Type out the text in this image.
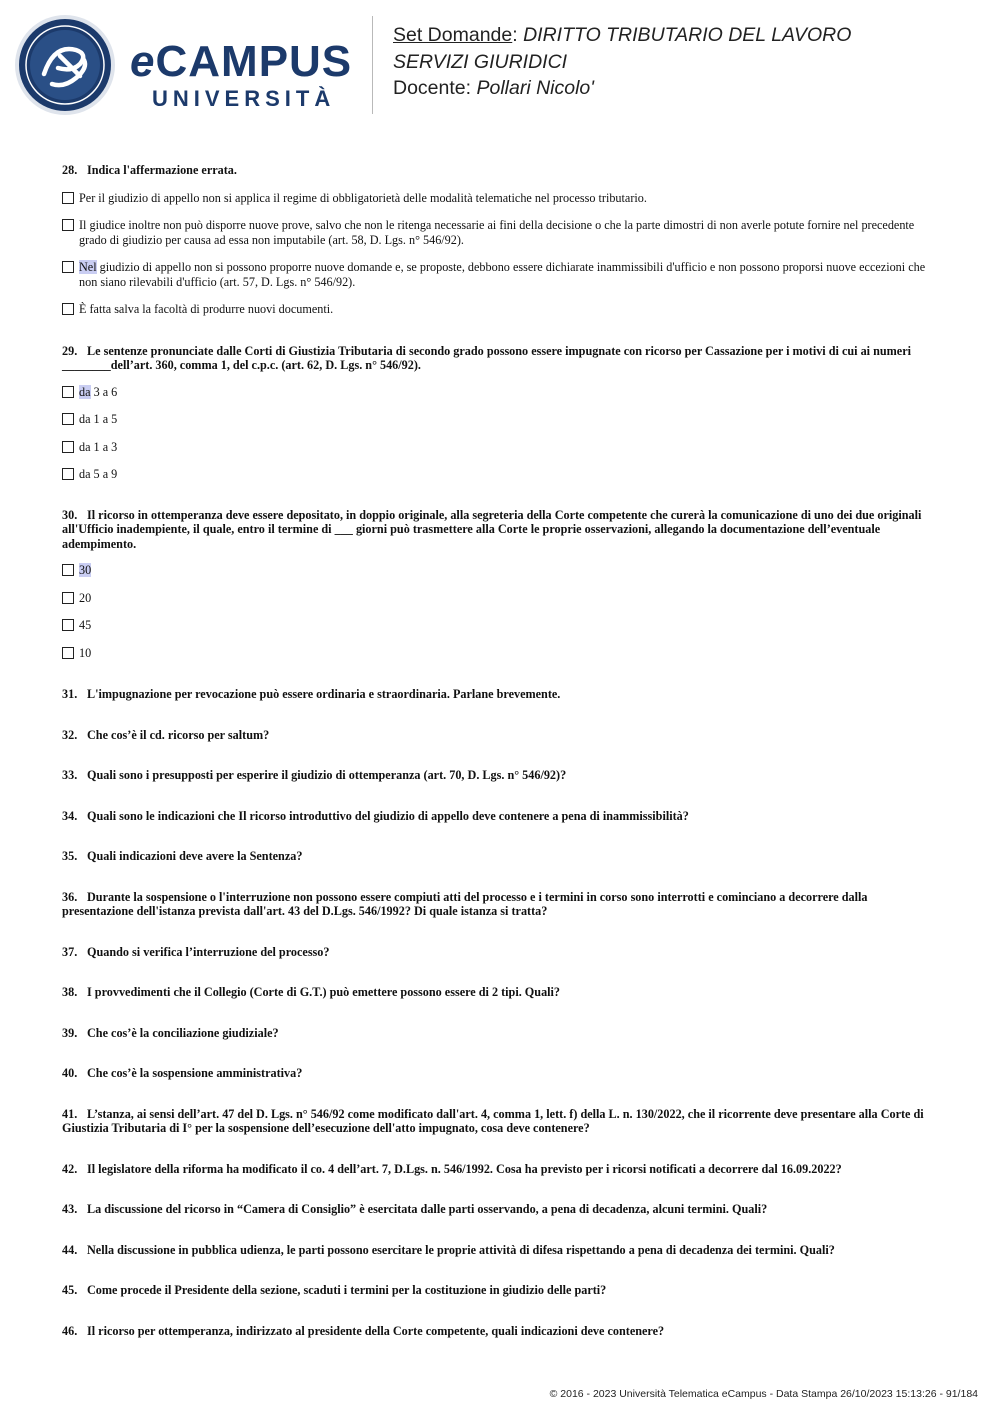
eCAMPUS
UNIVERSITÀ
Set Domande: DIRITTO TRIBUTARIO DEL LAVORO
SERVIZI GIURIDICI
Docente: Pollari Nicolo'

28. Indica l'affermazione errata.

Per il giudizio di appello non si applica il regime di obbligatorietà delle modalità telematiche nel processo tributario.
Il giudice inoltre non può disporre nuove prove, salvo che non le ritenga necessarie ai fini della decisione o che la parte dimostri di non averle potute fornire nel precedente grado di giudizio per causa ad essa non imputabile (art. 58, D. Lgs. n° 546/92).
Nel giudizio di appello non si possono proporre nuove domande e, se proposte, debbono essere dichiarate inammissibili d'ufficio e non possono proporsi nuove eccezioni che non siano rilevabili d'ufficio (art. 57, D. Lgs. n° 546/92).
È fatta salva la facoltà di produrre nuovi documenti.

29. Le sentenze pronunciate dalle Corti di Giustizia Tributaria di secondo grado possono essere impugnate con ricorso per Cassazione per i motivi di cui ai numeri ________dell’art. 360, comma 1, del c.p.c. (art. 62, D. Lgs. n° 546/92).

da 3 a 6
da 1 a 5
da 1 a 3
da 5 a 9

30. Il ricorso in ottemperanza deve essere depositato, in doppio originale, alla segreteria della Corte competente che curerà la comunicazione di uno dei due originali all'Ufficio inadempiente, il quale, entro il termine di ___ giorni può trasmettere alla Corte le proprie osservazioni, allegando la documentazione dell’eventuale adempimento.

30
20
45
10

31. L'impugnazione per revocazione può essere ordinaria e straordinaria. Parlane brevemente.

32. Che cos’è il cd. ricorso per saltum?

33. Quali sono i presupposti per esperire il giudizio di ottemperanza (art. 70, D. Lgs. n° 546/92)?

34. Quali sono le indicazioni che Il ricorso introduttivo del giudizio di appello deve contenere a pena di inammissibilità?

35. Quali indicazioni deve avere la Sentenza?

36. Durante la sospensione o l'interruzione non possono essere compiuti atti del processo e i termini in corso sono interrotti e cominciano a decorrere dalla presentazione dell'istanza prevista dall'art. 43 del D.Lgs. 546/1992? Di quale istanza si tratta?

37. Quando si verifica l’interruzione del processo?

38. I provvedimenti che il Collegio (Corte di G.T.) può emettere possono essere di 2 tipi. Quali?

39. Che cos’è la conciliazione giudiziale?

40. Che cos’è la sospensione amministrativa?

41. L’stanza, ai sensi dell’art. 47 del D. Lgs. n° 546/92 come modificato dall'art. 4, comma 1, lett. f) della L. n. 130/2022, che il ricorrente deve presentare alla Corte di Giustizia Tributaria di I° per la sospensione dell’esecuzione dell'atto impugnato, cosa deve contenere?

42. Il legislatore della riforma ha modificato il co. 4 dell’art. 7, D.Lgs. n. 546/1992. Cosa ha previsto per i ricorsi notificati a decorrere dal 16.09.2022?

43. La discussione del ricorso in “Camera di Consiglio” è esercitata dalle parti osservando, a pena di decadenza, alcuni termini. Quali?

44. Nella discussione in pubblica udienza, le parti possono esercitare le proprie attività di difesa rispettando a pena di decadenza dei termini. Quali?

45. Come procede il Presidente della sezione, scaduti i termini per la costituzione in giudizio delle parti?

46. Il ricorso per ottemperanza, indirizzato al presidente della Corte competente, quali indicazioni deve contenere?

© 2016 - 2023 Università Telematica eCampus - Data Stampa 26/10/2023 15:13:26 - 91/184
